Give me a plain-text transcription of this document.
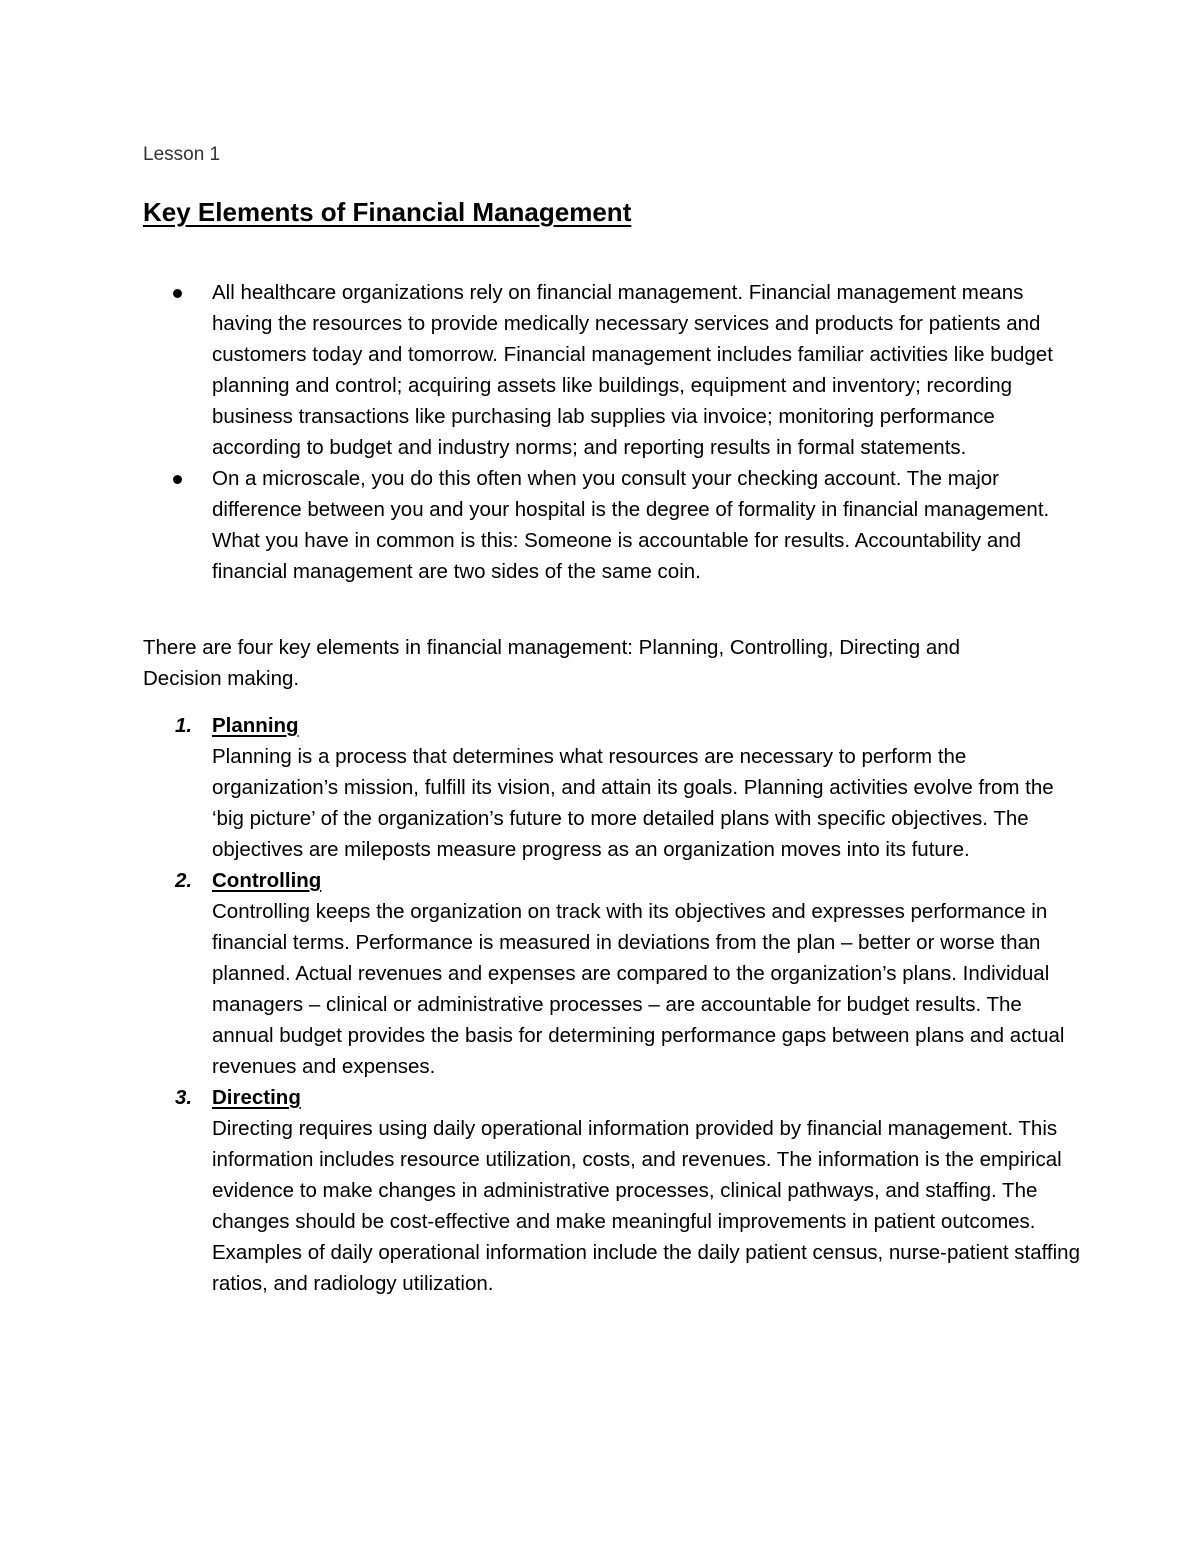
Lesson 1
Key Elements of Financial Management
All healthcare organizations rely on financial management. Financial management means having the resources to provide medically necessary services and products for patients and customers today and tomorrow. Financial management includes familiar activities like budget planning and control; acquiring assets like buildings, equipment and inventory; recording business transactions like purchasing lab supplies via invoice; monitoring performance according to budget and industry norms; and reporting results in formal statements.
On a microscale, you do this often when you consult your checking account. The major difference between you and your hospital is the degree of formality in financial management. What you have in common is this: Someone is accountable for results. Accountability and financial management are two sides of the same coin.

There are four key elements in financial management: Planning, Controlling, Directing and Decision making.

1. Planning
Planning is a process that determines what resources are necessary to perform the organization’s mission, fulfill its vision, and attain its goals. Planning activities evolve from the ‘big picture’ of the organization’s future to more detailed plans with specific objectives. The objectives are mileposts measure progress as an organization moves into its future.
2. Controlling
Controlling keeps the organization on track with its objectives and expresses performance in financial terms. Performance is measured in deviations from the plan – better or worse than planned. Actual revenues and expenses are compared to the organization’s plans. Individual managers – clinical or administrative processes – are accountable for budget results. The annual budget provides the basis for determining performance gaps between plans and actual revenues and expenses.
3. Directing
Directing requires using daily operational information provided by financial management. This information includes resource utilization, costs, and revenues. The information is the empirical evidence to make changes in administrative processes, clinical pathways, and staffing. The changes should be cost-effective and make meaningful improvements in patient outcomes. Examples of daily operational information include the daily patient census, nurse-patient staffing ratios, and radiology utilization.
